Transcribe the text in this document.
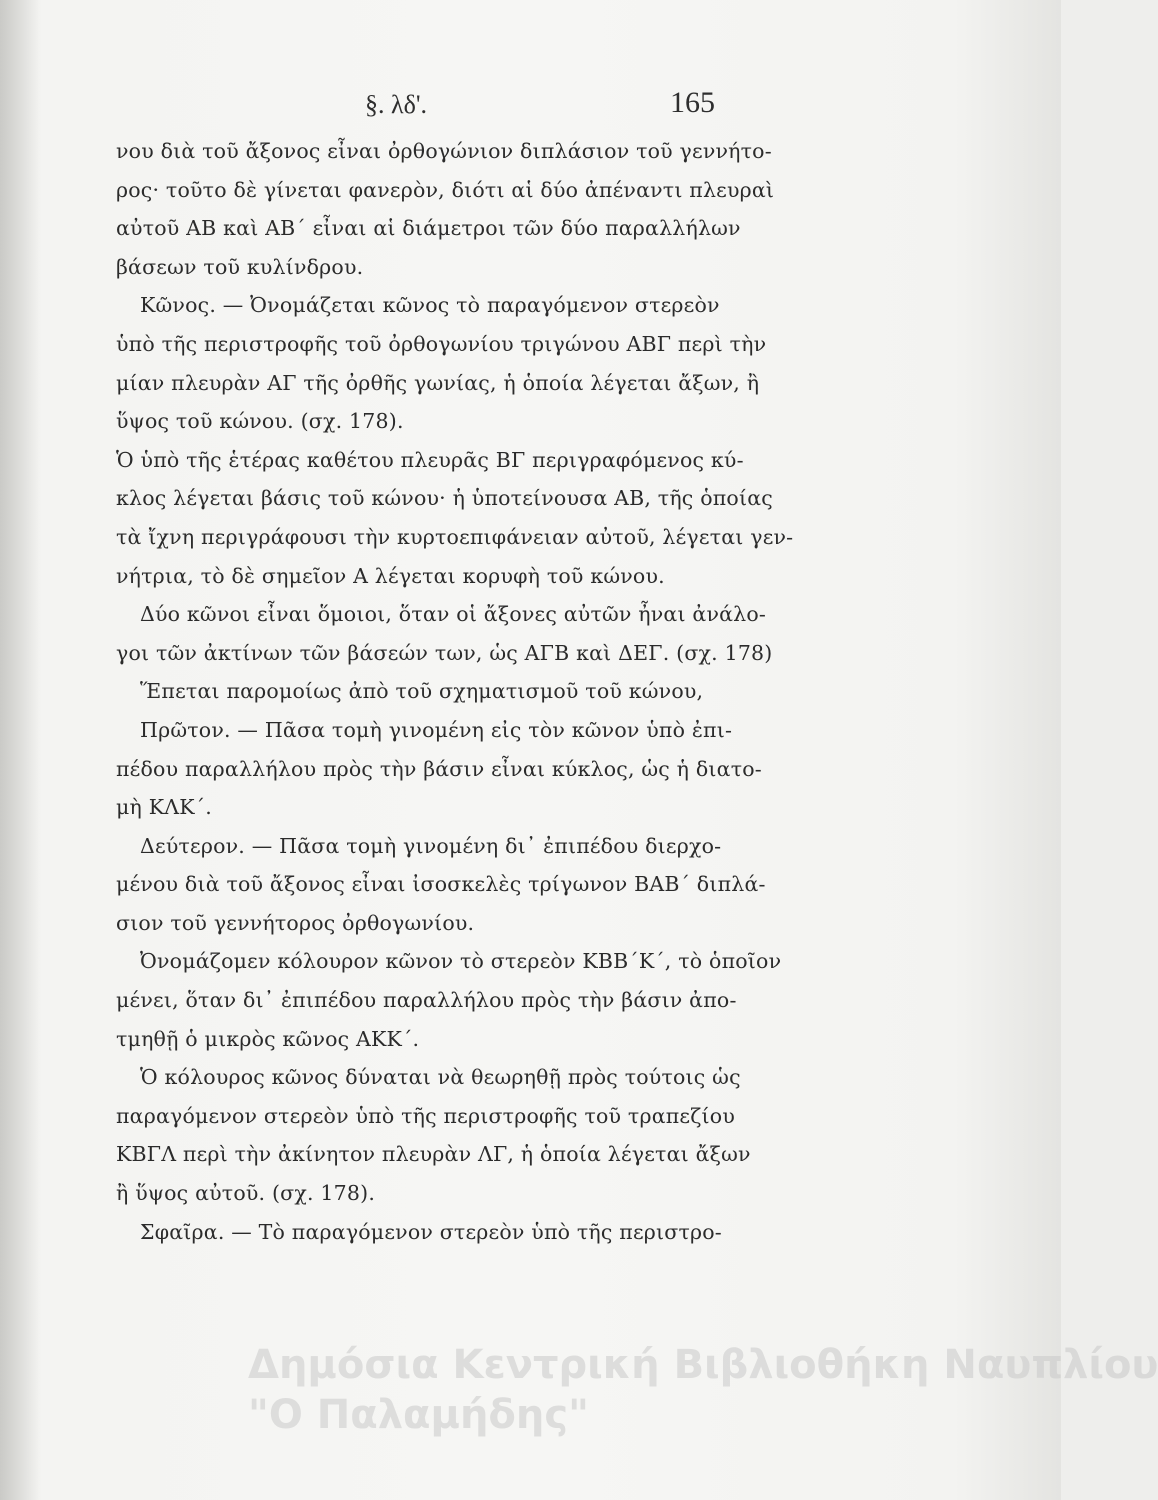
§. λδ'.	165
νου διὰ τοῦ ἄξονος εἶναι ὀρθογώνιον διπλάσιον τοῦ γεννήτο-
ρος· τοῦτο δὲ γίνεται φανερὸν, διότι αἱ δύο ἀπέναντι πλευραὶ
αὐτοῦ ΑΒ καὶ ΑΒ΄ εἶναι αἱ διάμετροι τῶν δύο παραλλήλων
βάσεων τοῦ κυλίνδρου.
Κῶνος. — Ὀνομάζεται κῶνος τὸ παραγόμενον στερεὸν
ὑπὸ τῆς περιστροφῆς τοῦ ὀρθογωνίου τριγώνου ΑΒΓ περὶ τὴν
μίαν πλευρὰν ΑΓ τῆς ὀρθῆς γωνίας, ἡ ὁποία λέγεται ἄξων, ἢ
ὕψος τοῦ κώνου. (σχ. 178).
Ὁ ὑπὸ τῆς ἑτέρας καθέτου πλευρᾶς ΒΓ περιγραφόμενος κύ-
κλος λέγεται βάσις τοῦ κώνου· ἡ ὑποτείνουσα ΑΒ, τῆς ὁποίας
τὰ ἴχνη περιγράφουσι τὴν κυρτοεπιφάνειαν αὐτοῦ, λέγεται γεν-
νήτρια, τὸ δὲ σημεῖον Α λέγεται κορυφὴ τοῦ κώνου.
Δύο κῶνοι εἶναι ὅμοιοι, ὅταν οἱ ἄξονες αὐτῶν ἦναι ἀνάλο-
γοι τῶν ἀκτίνων τῶν βάσεών των, ὡς ΑΓΒ καὶ ΔΕΓ. (σχ. 178)
Ἕπεται παρομοίως ἀπὸ τοῦ σχηματισμοῦ τοῦ κώνου,
Πρῶτον. — Πᾶσα τομὴ γινομένη εἰς τὸν κῶνον ὑπὸ ἐπι-
πέδου παραλλήλου πρὸς τὴν βάσιν εἶναι κύκλος, ὡς ἡ διατο-
μὴ ΚΛΚ΄.
Δεύτερον. — Πᾶσα τομὴ γινομένη δι᾿ ἐπιπέδου διερχο-
μένου διὰ τοῦ ἄξονος εἶναι ἰσοσκελὲς τρίγωνον ΒΑΒ΄ διπλά-
σιον τοῦ γεννήτορος ὀρθογωνίου.
Ὀνομάζομεν κόλουρον κῶνον τὸ στερεὸν ΚΒΒ΄Κ΄, τὸ ὁποῖον
μένει, ὅταν δι᾿ ἐπιπέδου παραλλήλου πρὸς τὴν βάσιν ἀπο-
τμηθῇ ὁ μικρὸς κῶνος ΑΚΚ΄.
Ὁ κόλουρος κῶνος δύναται νὰ θεωρηθῇ πρὸς τούτοις ὡς
παραγόμενον στερεὸν ὑπὸ τῆς περιστροφῆς τοῦ τραπεζίου
ΚΒΓΛ περὶ τὴν ἀκίνητον πλευρὰν ΛΓ, ἡ ὁποία λέγεται ἄξων
ἢ ὕψος αὐτοῦ. (σχ. 178).
Σφαῖρα. — Τὸ παραγόμενον στερεὸν ὑπὸ τῆς περιστρο-
Δημόσια Κεντρική Βιβλιοθήκη Ναυπλίου
"Ο Παλαμήδης"
